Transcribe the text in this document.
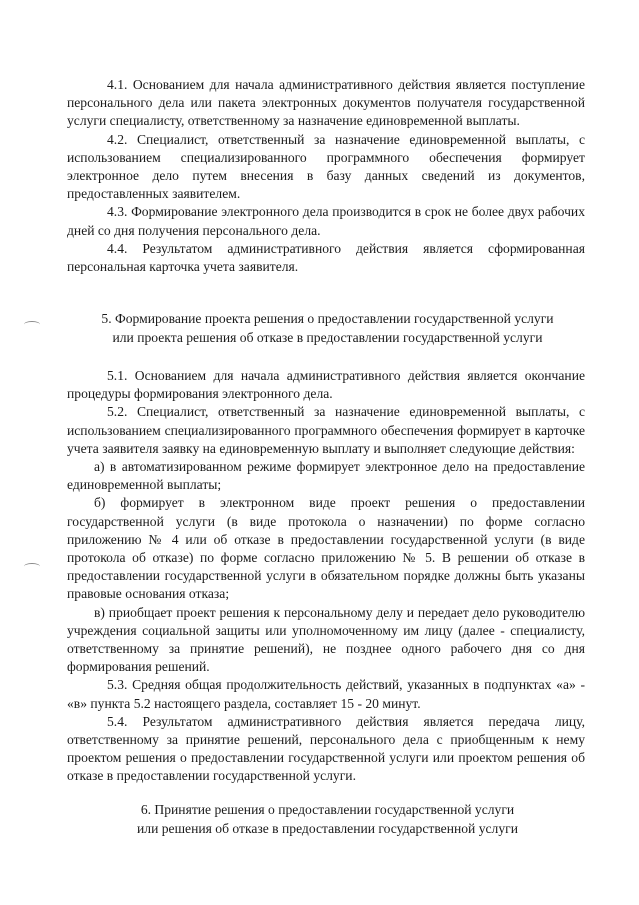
4.1. Основанием для начала административного действия является поступление персонального дела или пакета электронных документов получателя государственной услуги специалисту, ответственному за назначение единовременной выплаты.

4.2. Специалист, ответственный за назначение единовременной выплаты, с использованием специализированного программного обеспечения формирует электронное дело путем внесения в базу данных сведений из документов, предоставленных заявителем.

4.3. Формирование электронного дела производится в срок не более двух рабочих дней со дня получения персонального дела.

4.4. Результатом административного действия является сформированная персональная карточка учета заявителя.

5. Формирование проекта решения о предоставлении государственной услуги
или проекта решения об отказе в предоставлении государственной услуги

5.1. Основанием для начала административного действия является окончание процедуры формирования электронного дела.

5.2. Специалист, ответственный за назначение единовременной выплаты, с использованием специализированного программного обеспечения формирует в карточке учета заявителя заявку на единовременную выплату и выполняет следующие действия:

а) в автоматизированном режиме формирует электронное дело на предоставление единовременной выплаты;

б) формирует в электронном виде проект решения о предоставлении государственной услуги (в виде протокола о назначении) по форме согласно приложению № 4 или об отказе в предоставлении государственной услуги (в виде протокола об отказе) по форме согласно приложению № 5. В решении об отказе в предоставлении государственной услуги в обязательном порядке должны быть указаны правовые основания отказа;

в) приобщает проект решения к персональному делу и передает дело руководителю учреждения социальной защиты или уполномоченному им лицу (далее - специалисту, ответственному за принятие решений), не позднее одного рабочего дня со дня формирования решений.

5.3. Средняя общая продолжительность действий, указанных в подпунктах «а» - «в» пункта 5.2 настоящего раздела, составляет 15 - 20 минут.

5.4. Результатом административного действия является передача лицу, ответственному за принятие решений, персонального дела с приобщенным к нему проектом решения о предоставлении государственной услуги или проектом решения об отказе в предоставлении государственной услуги.

6. Принятие решения о предоставлении государственной услуги
или решения об отказе в предоставлении государственной услуги
